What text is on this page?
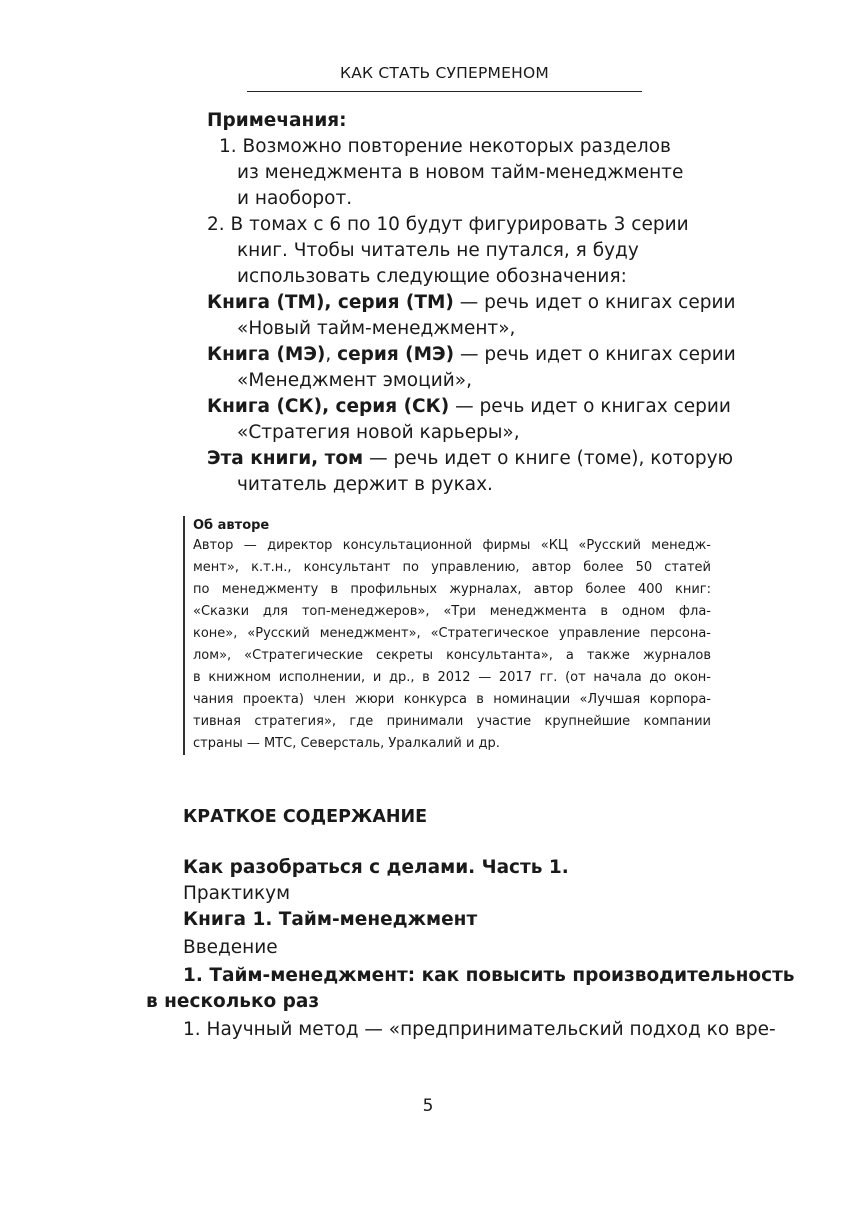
КАК СТАТЬ СУПЕРМЕНОМ
Примечания:
1. Возможно повторение некоторых разделов
из менеджмента в новом тайм-менеджменте
и наоборот.
2. В томах с 6 по 10 будут фигурировать 3 серии
книг. Чтобы читатель не путался, я буду
использовать следующие обозначения:
Книга (ТМ), серия (ТМ) — речь идет о книгах серии
«Новый тайм-менеджмент»,
Книга (МЭ), серия (МЭ) — речь идет о книгах серии
«Менеджмент эмоций»,
Книга (СК), серия (СК) — речь идет о книгах серии
«Стратегия новой карьеры»,
Эта книги, том — речь идет о книге (томе), которую
читатель держит в руках.
Об авторе
Автор — директор консультационной фирмы «КЦ «Русский менедж-
мент», к.т.н., консультант по управлению, автор более 50 статей
по менеджменту в профильных журналах, автор более 400 книг:
«Сказки для топ-менеджеров», «Три менеджмента в одном фла-
коне», «Русский менеджмент», «Стратегическое управление персона-
лом», «Стратегические секреты консультанта», а также журналов
в книжном исполнении, и др., в 2012 — 2017 гг. (от начала до окон-
чания проекта) член жюри конкурса в номинации «Лучшая корпора-
тивная стратегия», где принимали участие крупнейшие компании
страны — МТС, Северсталь, Уралкалий и др.
КРАТКОЕ СОДЕРЖАНИЕ
Как разобраться с делами. Часть 1.
Практикум
Книга 1. Тайм-менеджмент
Введение
1. Тайм-менеджмент: как повысить производительность
в несколько раз
1. Научный метод — «предпринимательский подход ко вре-
5
